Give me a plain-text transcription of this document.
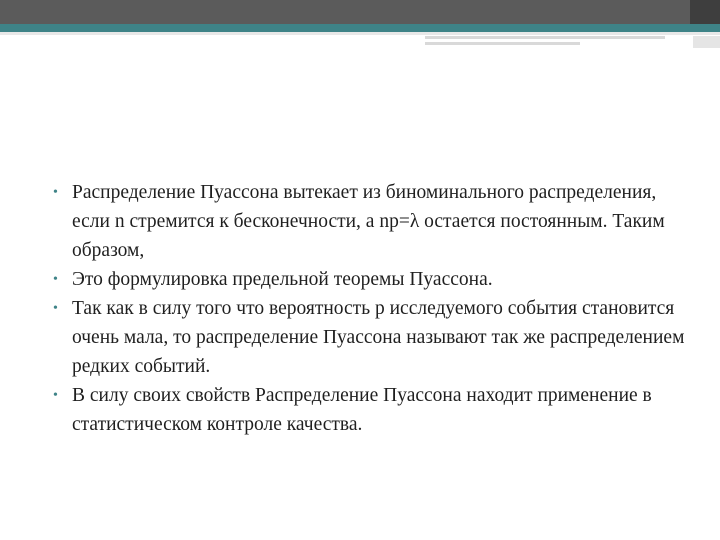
• Распределение Пуассона вытекает из биноминального распределения, если n стремится к бесконечности, а np=λ остается постоянным. Таким образом,
• Это формулировка предельной теоремы Пуассона.
• Так как в силу того что вероятность p исследуемого события становится очень мала, то распределение Пуассона называют так же распределением редких событий.
• В силу своих свойств Распределение Пуассона находит применение в статистическом контроле качества.
